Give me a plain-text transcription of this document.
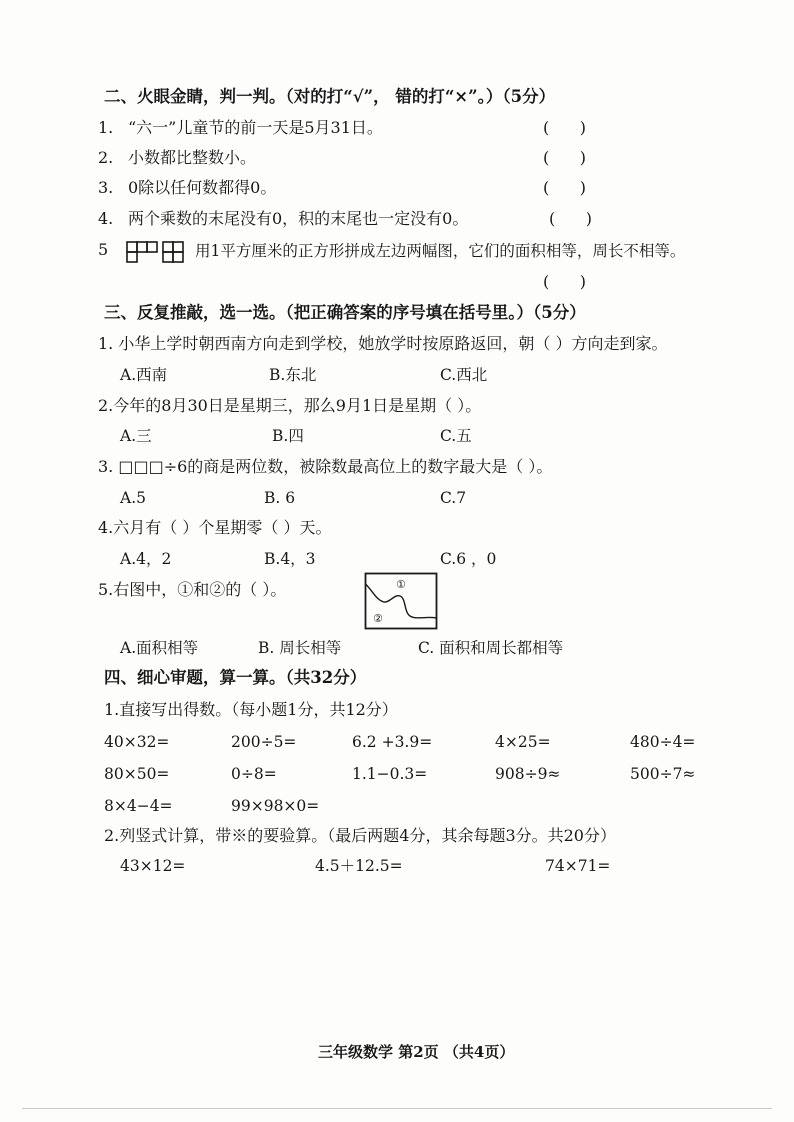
二、火眼金睛，判一判。（对的打“√”， 错的打“×”。）（5分）
1. “六一”儿童节的前一天是5月31日。	(      )
2. 小数都比整数小。	(      )
3. 0除以任何数都得0。	(      )
4. 两个乘数的末尾没有0，积的末尾也一定没有0。	(      )
5	用1平方厘米的正方形拼成左边两幅图，它们的面积相等，周长不相等。
(      )
三、反复推敲，选一选。（把正确答案的序号填在括号里。）（5分）
1. 小华上学时朝西南方向走到学校，她放学时按原路返回，朝（ ）方向走到家。
A.西南	B.东北	C.西北
2.今年的8月30日是星期三，那么9月1日是星期（ ）。
A.三	B.四	C.五
3. □□□÷6的商是两位数，被除数最高位上的数字最大是（ ）。
A.5	B. 6	C.7
4.六月有（ ）个星期零（ ）天。
A.4，2	B.4，3	C.6 ，0
5.右图中，①和②的（ ）。	①
②
A.面积相等	B. 周长相等	C. 面积和周长都相等
四、细心审题，算一算。（共32分）
1.直接写出得数。（每小题1分，共12分）
40×32=	200÷5=	6.2 +3.9=	4×25=	480÷4=
80×50=	0÷8=	1.1−0.3=	908÷9≈	500÷7≈
8×4−4=	99×98×0=
2.列竖式计算，带※的要验算。（最后两题4分，其余每题3分。共20分）
43×12=	4.5＋12.5=	74×71=
三年级数学 第2页 （共4页）
